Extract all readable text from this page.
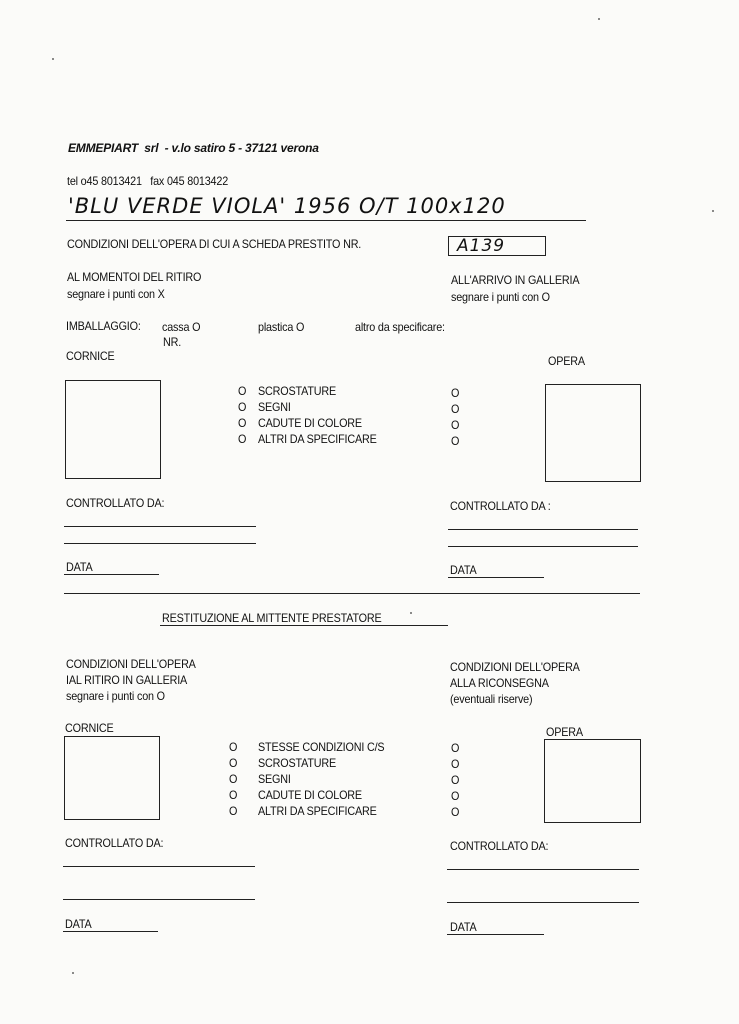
EMMEPIART srl - v.lo satiro 5 - 37121 verona
tel o45 8013421 fax 045 8013422
'BLU VERDE VIOLA' 1956 O/T 100x120
CONDIZIONI DELL'OPERA DI CUI A SCHEDA PRESTITO NR.	A139
AL MOMENTOI DEL RITIRO
segnare i punti con X
ALL'ARRIVO IN GALLERIA
segnare i punti con O
IMBALLAGGIO: cassa O
NR.
plastica O	altro da specificare:
CORNICE	OPERA
O SCROSTATURE	O
O SEGNI	O
O CADUTE DI COLORE	O
O ALTRI DA SPECIFICARE	O
CONTROLLATO DA:	CONTROLLATO DA :
DATA	DATA
RESTITUZIONE AL MITTENTE PRESTATORE
CONDIZIONI DELL'OPERA
IAL RITIRO IN GALLERIA
segnare i punti con O
CONDIZIONI DELL'OPERA
ALLA RICONSEGNA
(eventuali riserve)
CORNICE	OPERA
O STESSE CONDIZIONI C/S	O
O SCROSTATURE	O
O SEGNI	O
O CADUTE DI COLORE	O
O ALTRI DA SPECIFICARE	O
CONTROLLATO DA:	CONTROLLATO DA:
DATA	DATA
